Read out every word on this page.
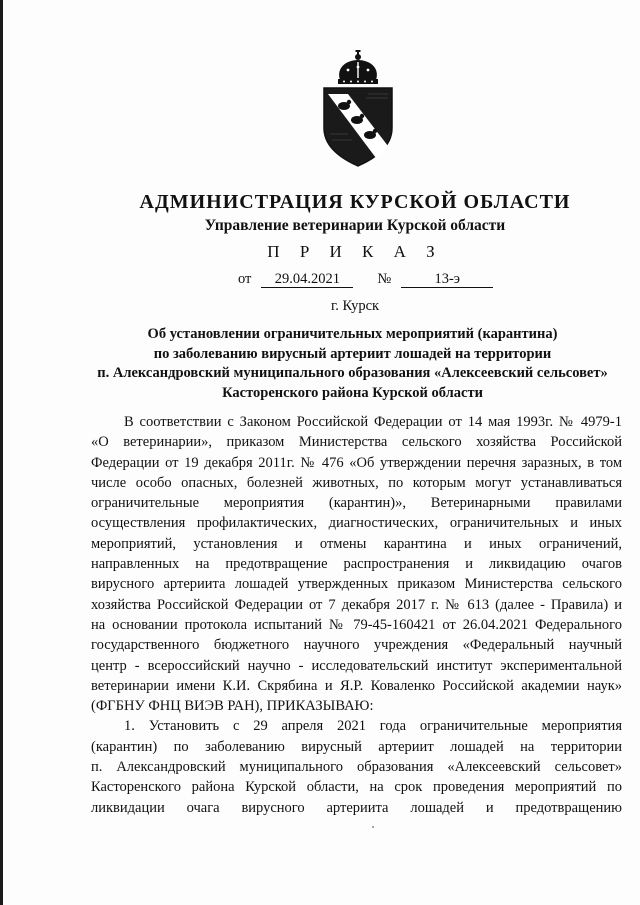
АДМИНИСТРАЦИЯ КУРСКОЙ ОБЛАСТИ
Управление ветеринарии Курской области
П Р И К А З
от 29.04.2021	№	13-э
г. Курск
Об установлении ограничительных мероприятий (карантина)
по заболеванию вирусный артериит лошадей на территории
п. Александровский муниципального образования «Алексеевский сельсовет»
Касторенского района Курской области
В соответствии с Законом Российской Федерации от 14 мая 1993г. № 4979-1
«О ветеринарии», приказом Министерства сельского хозяйства Российской
Федерации от 19 декабря 2011г. № 476 «Об утверждении перечня заразных, в том
числе особо опасных, болезней животных, по которым могут устанавливаться
ограничительные мероприятия (карантин)», Ветеринарными правилами
осуществления профилактических, диагностических, ограничительных и иных
мероприятий, установления и отмены карантина и иных ограничений,
направленных на предотвращение распространения и ликвидацию очагов
вирусного артериита лошадей утвержденных приказом Министерства сельского
хозяйства Российской Федерации от 7 декабря 2017 г. № 613 (далее - Правила) и
на основании протокола испытаний № 79-45-160421 от 26.04.2021 Федерального
государственного бюджетного научного учреждения «Федеральный научный
центр - всероссийский научно - исследовательский институт экспериментальной
ветеринарии имени К.И. Скрябина и Я.Р. Коваленко Российской академии наук»
(ФГБНУ ФНЦ ВИЭВ РАН), ПРИКАЗЫВАЮ:
1. Установить с 29 апреля 2021 года ограничительные мероприятия
(карантин) по заболеванию вирусный артериит лошадей на территории
п. Александровский муниципального образования «Алексеевский сельсовет»
Касторенского района Курской области, на срок проведения мероприятий по
ликвидации очага вирусного артериита лошадей и предотвращению
